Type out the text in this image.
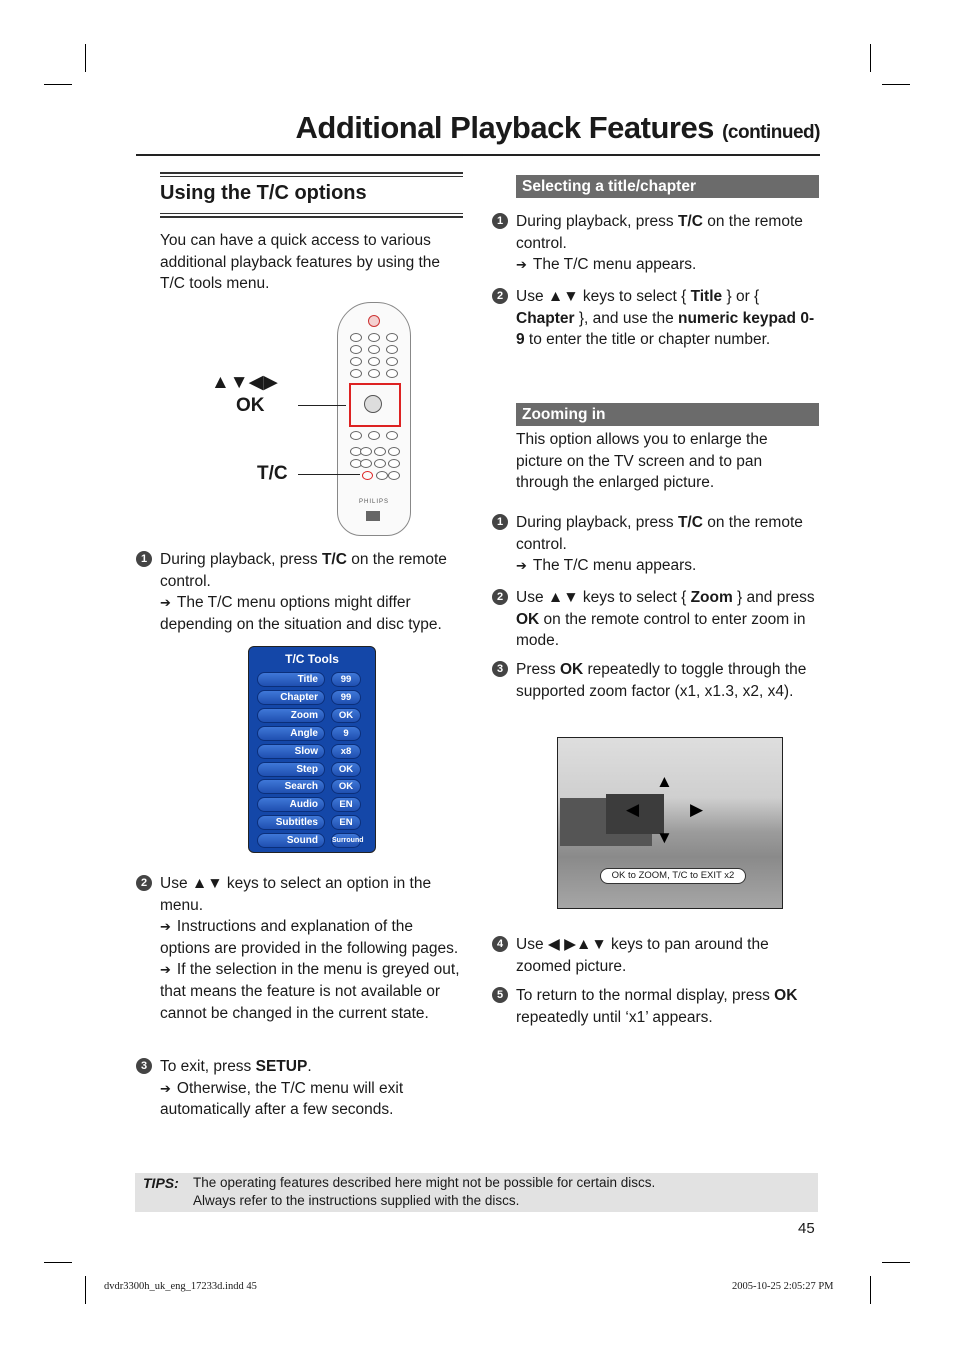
Additional Playback Features (continued)
Using the T/C options
You can have a quick access to various additional playback features by using the T/C tools menu.
PHILIPS
▲▼◀▶
OK
T/C
1 During playback, press T/C on the remote control.
➔ The T/C menu options might differ depending on the situation and disc type.
T/C Tools
Title	99
Chapter	99
Zoom	OK
Angle	9
Slow	x8
Step	OK
Search	OK
Audio	EN
Subtitles	EN
Sound	Surround
2 Use ▲▼ keys to select an option in the menu.
➔ Instructions and explanation of the options are provided in the following pages.
➔ If the selection in the menu is greyed out, that means the feature is not available or cannot be changed in the current state.
3 To exit, press SETUP.
➔ Otherwise, the T/C menu will exit automatically after a few seconds.
Selecting a title/chapter
1 During playback, press T/C on the remote control.
➔ The T/C menu appears.
2 Use ▲▼ keys to select { Title } or { Chapter }, and use the numeric keypad 0-9 to enter the title or chapter number.
Zooming in
This option allows you to enlarge the picture on the TV screen and to pan through the enlarged picture.
1 During playback, press T/C on the remote control.
➔ The T/C menu appears.
2 Use ▲▼ keys to select { Zoom } and press OK on the remote control to enter zoom in mode.
3 Press OK repeatedly to toggle through the supported zoom factor (x1, x1.3, x2, x4).
▲
◀	▶
▼
OK to ZOOM, T/C to EXIT x2
4 Use ◀ ▶▲▼ keys to pan around the zoomed picture.
5 To return to the normal display, press OK repeatedly until ‘x1’ appears.
TIPS: The operating features described here might not be possible for certain discs.
Always refer to the instructions supplied with the discs.
45
dvdr3300h_uk_eng_17233d.indd 45	2005-10-25 2:05:27 PM
